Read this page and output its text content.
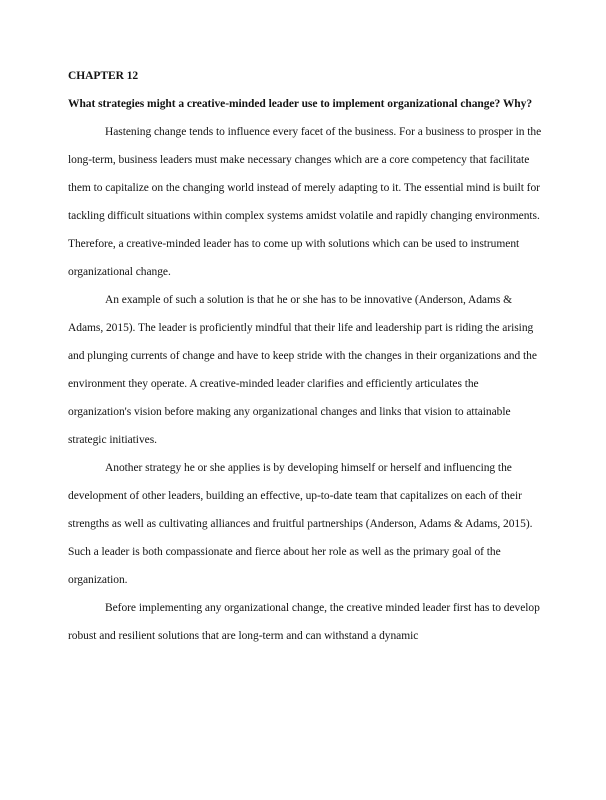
CHAPTER 12
What strategies might a creative-minded leader use to implement organizational change? Why?

Hastening change tends to influence every facet of the business. For a business to prosper in the long-term, business leaders must make necessary changes which are a core competency that facilitate them to capitalize on the changing world instead of merely adapting to it. The essential mind is built for tackling difficult situations within complex systems amidst volatile and rapidly changing environments. Therefore, a creative-minded leader has to come up with solutions which can be used to instrument organizational change.

An example of such a solution is that he or she has to be innovative (Anderson, Adams & Adams, 2015). The leader is proficiently mindful that their life and leadership part is riding the arising and plunging currents of change and have to keep stride with the changes in their organizations and the environment they operate. A creative-minded leader clarifies and efficiently articulates the organization's vision before making any organizational changes and links that vision to attainable strategic initiatives.

Another strategy he or she applies is by developing himself or herself and influencing the development of other leaders, building an effective, up-to-date team that capitalizes on each of their strengths as well as cultivating alliances and fruitful partnerships (Anderson, Adams & Adams, 2015). Such a leader is both compassionate and fierce about her role as well as the primary goal of the organization.

Before implementing any organizational change, the creative minded leader first has to develop robust and resilient solutions that are long-term and can withstand a dynamic
